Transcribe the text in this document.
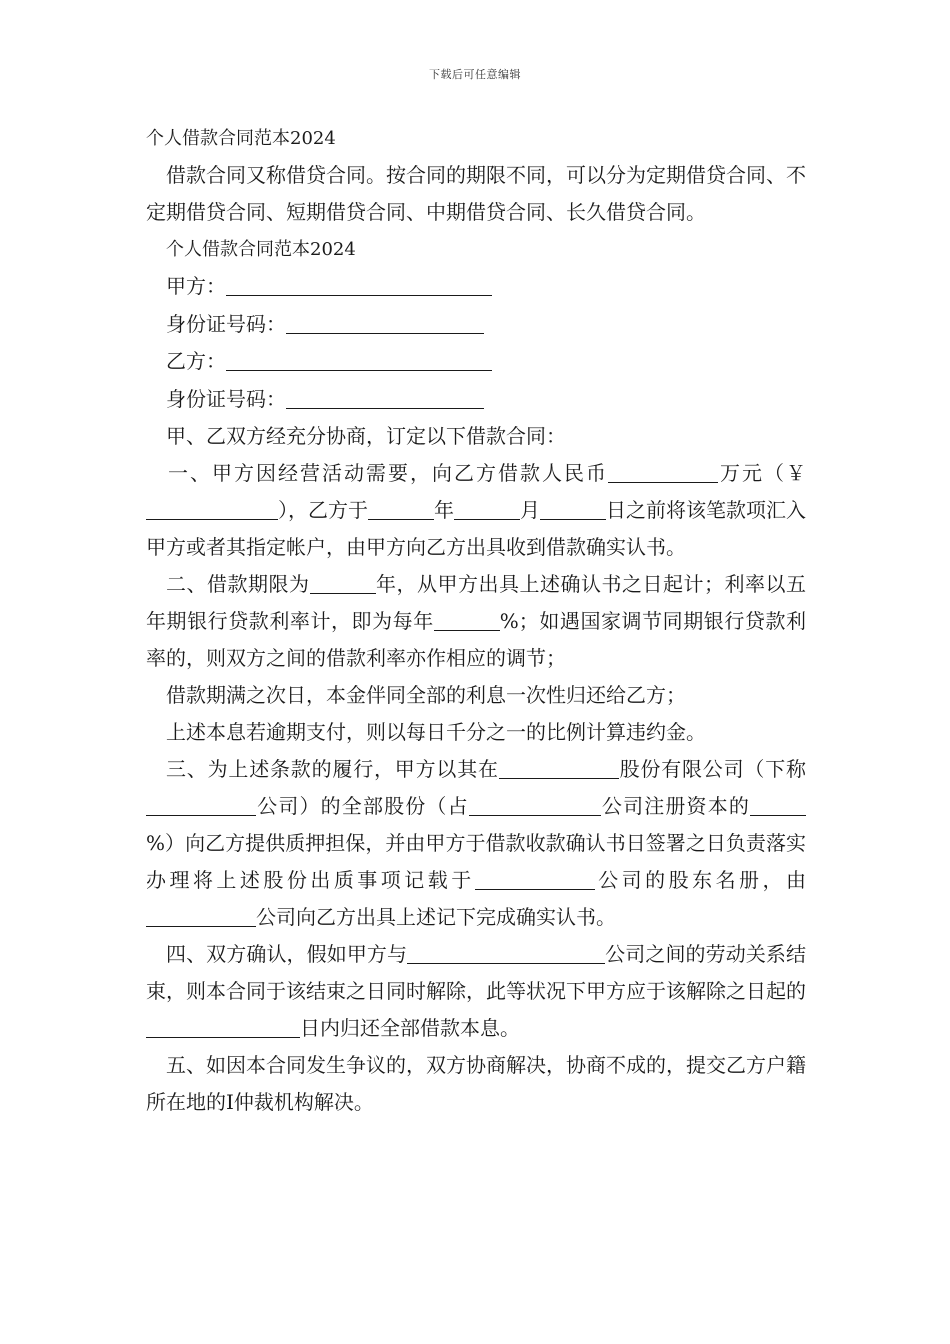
下载后可任意编辑

个人借款合同范本2024

借款合同又称借贷合同。按合同的期限不同，可以分为定期借贷合同、不定期借贷合同、短期借贷合同、中期借贷合同、长久借贷合同。

个人借款合同范本2024

甲方：

身份证号码：

乙方：

身份证号码：

甲、乙双方经充分协商，订定以下借款合同：

一、甲方因经营活动需要，向乙方借款人民币	万元（￥），乙方于	年	月	日之前将该笔款项汇入甲方或者其指定帐户，由甲方向乙方出具收到借款确实认书。

二、借款期限为	年，从甲方出具上述确认书之日起计；利率以五年期银行贷款利率计，即为每年	%；如遇国家调节同期银行贷款利率的，则双方之间的借款利率亦作相应的调节；

借款期满之次日，本金伴同全部的利息一次性归还给乙方；

上述本息若逾期支付，则以每日千分之一的比例计算违约金。

三、为上述条款的履行，甲方以其在	股份有限公司（下称公司）的全部股份（占	公司注册资本的%）向乙方提供质押担保，并由甲方于借款收款确认书日签署之日负责落实办理将上述股份出质事项记载于	公司的股东名册，由公司向乙方出具上述记下完成确实认书。

四、双方确认，假如甲方与	公司之间的劳动关系结束，则本合同于该结束之日同时解除，此等状况下甲方应于该解除之日起的日内归还全部借款本息。

五、如因本合同发生争议的，双方协商解决，协商不成的，提交乙方户籍所在地的Ⅰ仲裁机构解决。
